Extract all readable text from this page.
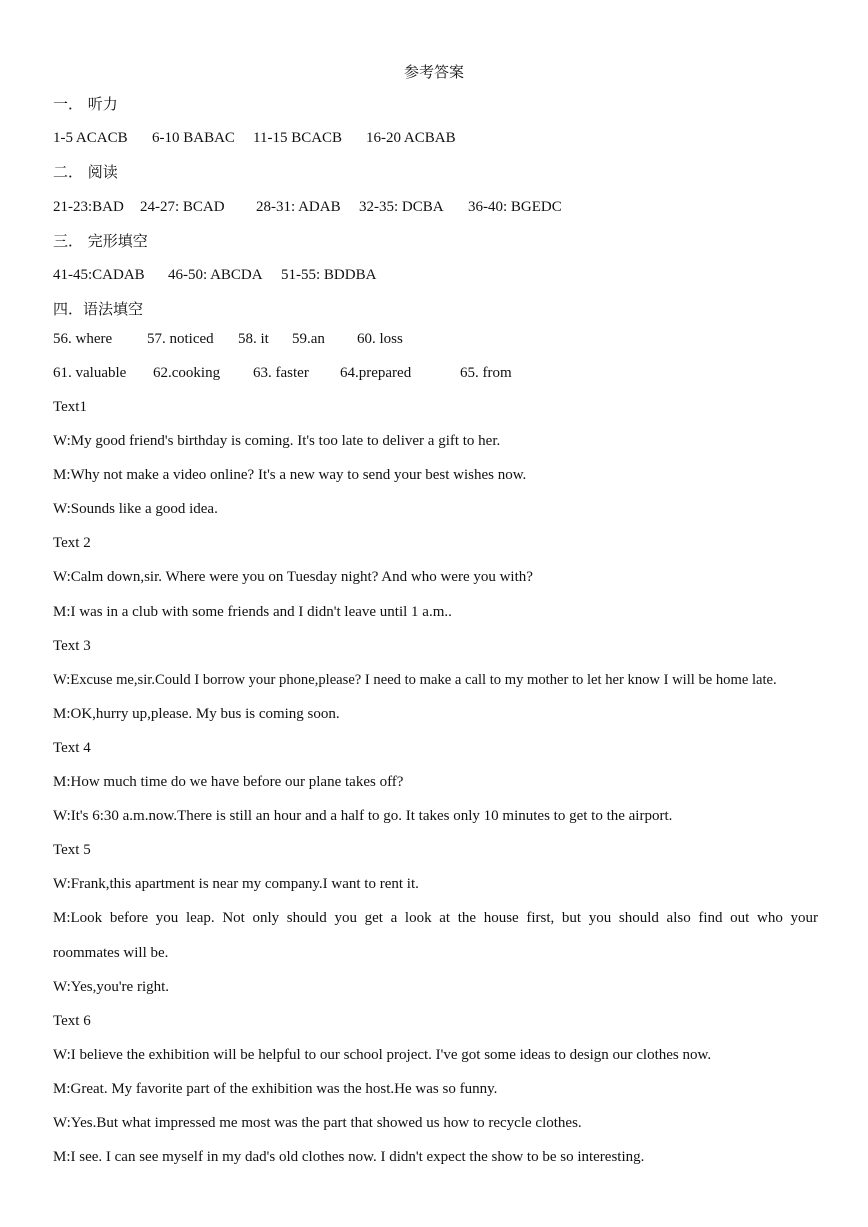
参考答案
一． 听力
1-5 ACACB 6-10 BABAC 11-15 BCACB 16-20 ACBAB
二． 阅读
21-23:BAD 24-27: BCAD 28-31: ADAB 32-35: DCBA 36-40: BGEDC
三． 完形填空
41-45:CADAB 46-50: ABCDA 51-55: BDDBA
四．语法填空
56. where 57. noticed 58. it 59.an 60. loss
61. valuable 62.cooking 63. faster 64.prepared	65. from
Text1
W:My good friend's birthday is coming. It's too late to deliver a gift to her.
M:Why not make a video online? It's a new way to send your best wishes now.
W:Sounds like a good idea.
Text 2
W:Calm down,sir. Where were you on Tuesday night? And who were you with?
M:I was in a club with some friends and I didn't leave until 1 a.m..
Text 3
W:Excuse me,sir.Could I borrow your phone,please? I need to make a call to my mother to let her know I will be home late.
M:OK,hurry up,please. My bus is coming soon.
Text 4
M:How much time do we have before our plane takes off?
W:It's 6:30 a.m.now.There is still an hour and a half to go. It takes only 10 minutes to get to the airport.
Text 5
W:Frank,this apartment is near my company.I want to rent it.
M:Look before you leap. Not only should you get a look at the house first, but you should also find out who your
roommates will be.
W:Yes,you're right.
Text 6
W:I believe the exhibition will be helpful to our school project. I've got some ideas to design our clothes now.
M:Great. My favorite part of the exhibition was the host.He was so funny.
W:Yes.But what impressed me most was the part that showed us how to recycle clothes.
M:I see. I can see myself in my dad's old clothes now. I didn't expect the show to be so interesting.
